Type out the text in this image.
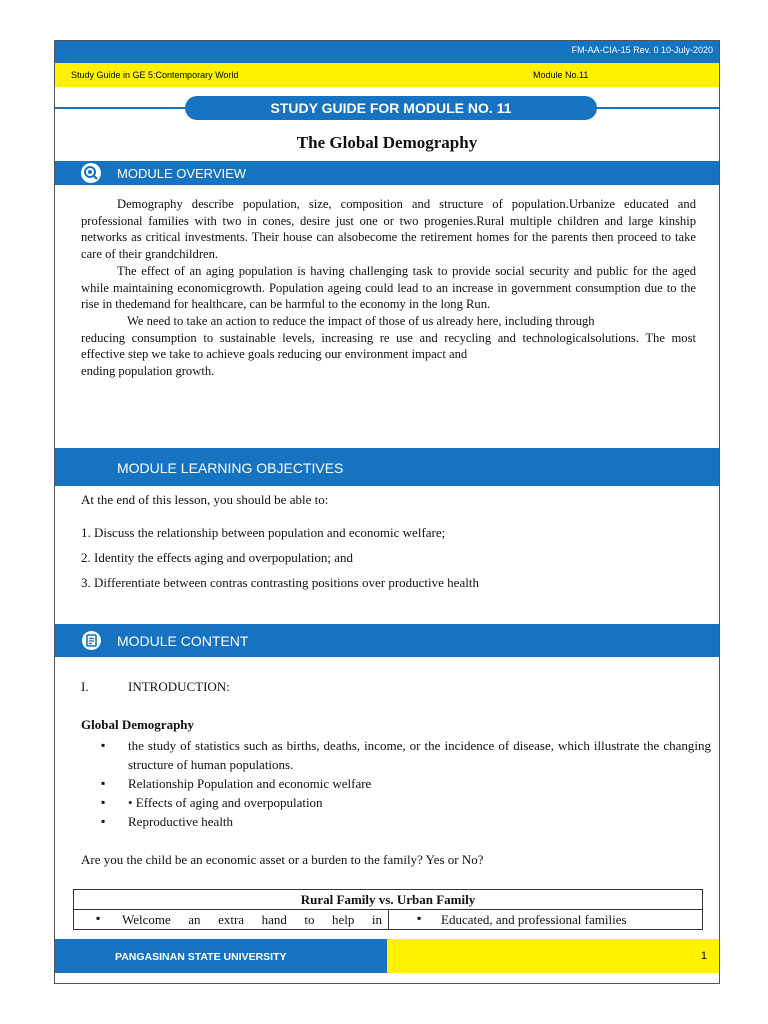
FM-AA-CIA-15 Rev. 0 10-July-2020
Study Guide in GE 5:Contemporary World	Module No.11
STUDY GUIDE FOR MODULE NO. 11
The Global Demography
MODULE OVERVIEW

Demography describe population, size, composition and structure of population.Urbanize educated and professional families with two in cones, desire just one or two progenies.Rural multiple children and large kinship networks as critical investments. Their house can alsobecome the retirement homes for the parents then proceed to take care of their grandchildren.

The effect of an aging population is having challenging task to provide social security and public for the aged while maintaining economicgrowth. Population ageing could lead to an increase in government consumption due to the rise in thedemand for healthcare, can be harmful to the economy in the long Run.

We need to take an action to reduce the impact of those of us already here, including through

reducing consumption to sustainable levels, increasing re use and recycling and technologicalsolutions. The most effective step we take to achieve goals reducing our environment impact and

ending population growth.

MODULE LEARNING OBJECTIVES
At the end of this lesson, you should be able to:
1. Discuss the relationship between population and economic welfare;
2. Identity the effects aging and overpopulation; and
3. Differentiate between contras contrasting positions over productive health
MODULE CONTENT
I.	INTRODUCTION:
Global Demography
▪ the study of statistics such as births, deaths, income, or the incidence of disease, which illustrate the changing structure of human populations.
▪ Relationship Population and economic welfare
▪ • Effects of aging and overpopulation
▪ Reproductive health
Are you the child be an economic asset or a burden to the family? Yes or No?
Rural Family vs. Urban Family

▪ Welcome an extra hand to help in	▪ Educated, and professional families
PANGASINAN STATE UNIVERSITY	1
